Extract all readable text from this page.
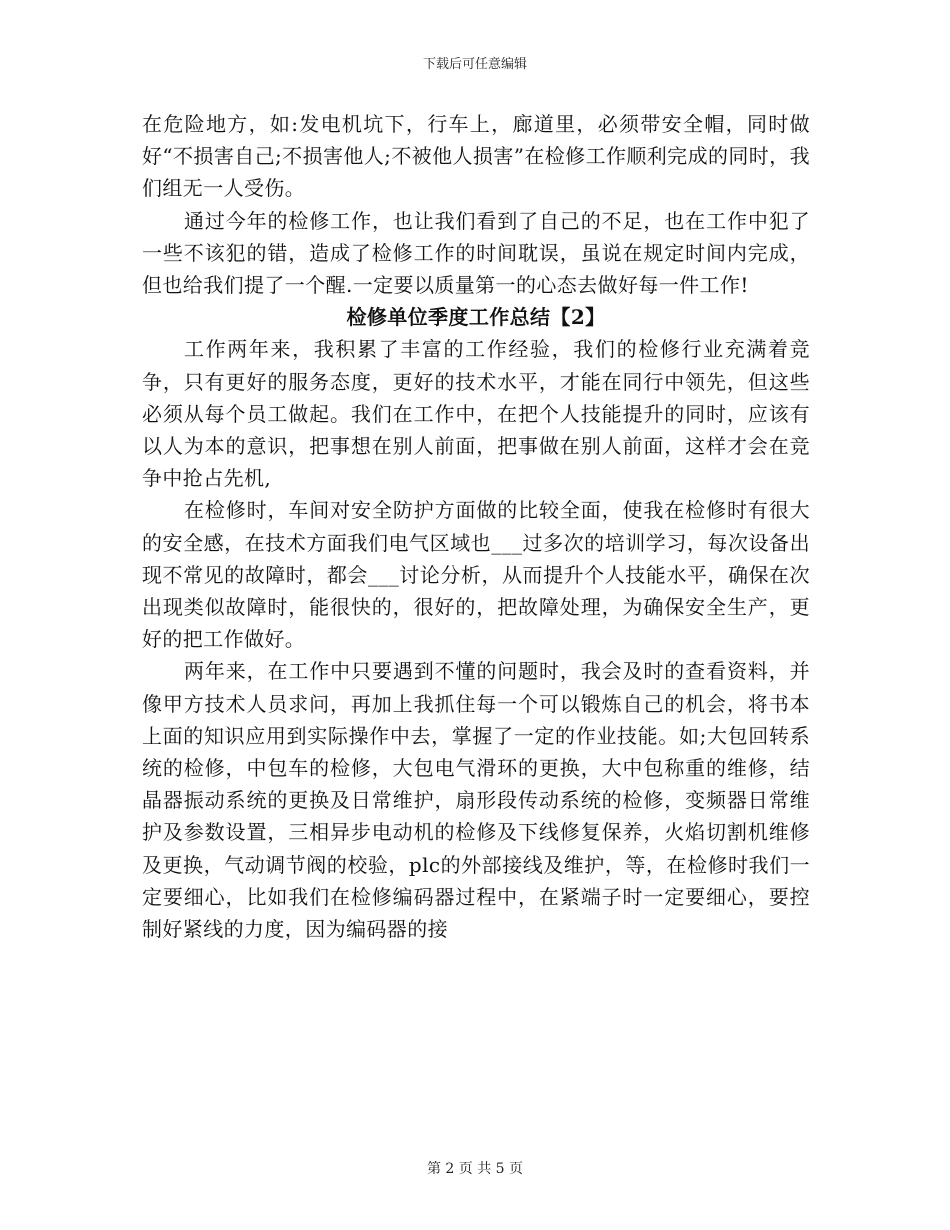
下载后可任意编辑

在危险地方，如:发电机坑下，行车上，廊道里，必须带安全帽，同时做好“不损害自己;不损害他人;不被他人损害”在检修工作顺利完成的同时，我们组无一人受伤。

通过今年的检修工作，也让我们看到了自己的不足，也在工作中犯了一些不该犯的错，造成了检修工作的时间耽误，虽说在规定时间内完成，但也给我们提了一个醒.一定要以质量第一的心态去做好每一件工作!

检修单位季度工作总结【2】

工作两年来，我积累了丰富的工作经验，我们的检修行业充满着竞争，只有更好的服务态度，更好的技术水平，才能在同行中领先，但这些必须从每个员工做起。我们在工作中，在把个人技能提升的同时，应该有以人为本的意识，把事想在别人前面，把事做在别人前面，这样才会在竞争中抢占先机,

在检修时，车间对安全防护方面做的比较全面，使我在检修时有很大的安全感，在技术方面我们电气区域也___过多次的培训学习，每次设备出现不常见的故障时，都会___讨论分析，从而提升个人技能水平，确保在次出现类似故障时，能很快的，很好的，把故障处理，为确保安全生产，更好的把工作做好。

两年来，在工作中只要遇到不懂的问题时，我会及时的查看资料，并像甲方技术人员求问，再加上我抓住每一个可以锻炼自己的机会，将书本上面的知识应用到实际操作中去，掌握了一定的作业技能。如;大包回转系统的检修，中包车的检修，大包电气滑环的更换，大中包称重的维修，结晶器振动系统的更换及日常维护，扇形段传动系统的检修，变频器日常维护及参数设置，三相异步电动机的检修及下线修复保养，火焰切割机维修及更换，气动调节阀的校验，plc的外部接线及维护，等，在检修时我们一定要细心，比如我们在检修编码器过程中，在紧端子时一定要细心，要控制好紧线的力度，因为编码器的接

第 2 页 共 5 页
